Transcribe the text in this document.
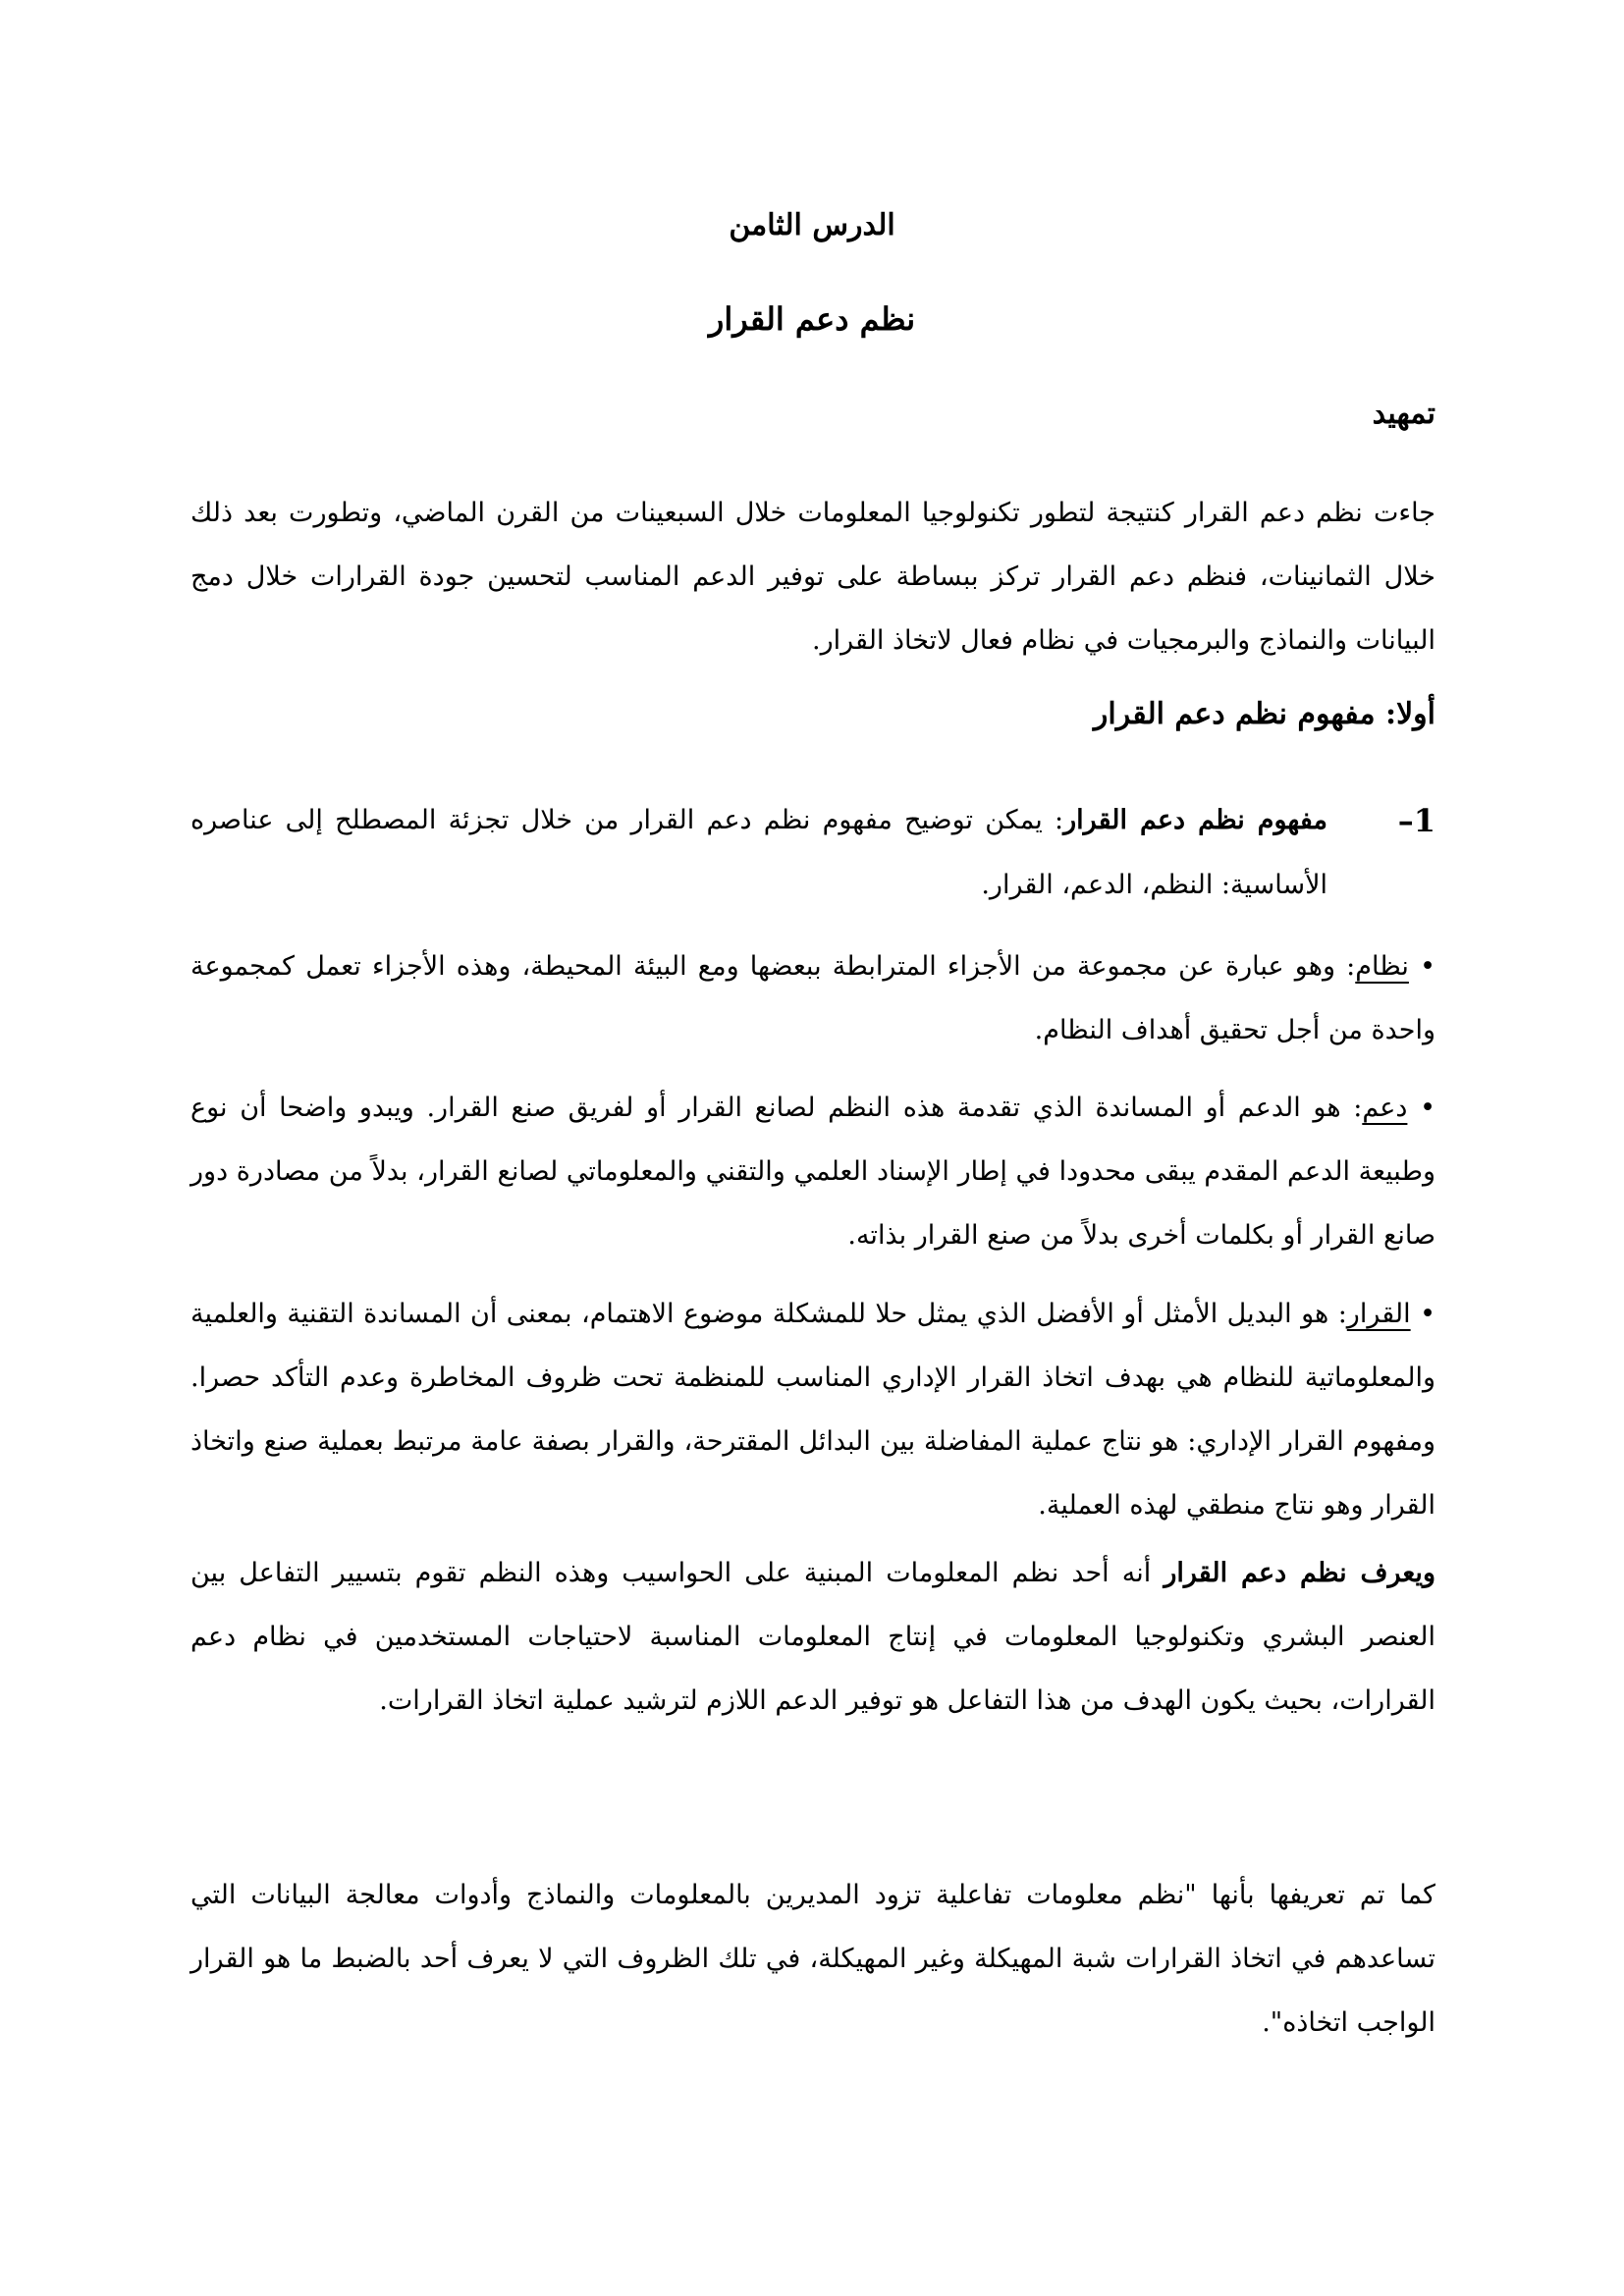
الدرس الثامن
نظم دعم القرار
تمهيد

جاءت نظم دعم القرار كنتيجة لتطور تكنولوجيا المعلومات خلال السبعينات من القرن الماضي، وتطورت بعد ذلك خلال الثمانينات، فنظم دعم القرار تركز ببساطة على توفير الدعم المناسب لتحسين جودة القرارات خلال دمج البيانات والنماذج والبرمجيات في نظام فعال لاتخاذ القرار.

أولا: مفهوم نظم دعم القرار
1–

مفهوم نظم دعم القرار: يمكن توضيح مفهوم نظم دعم القرار من خلال تجزئة المصطلح إلى عناصره الأساسية: النظم، الدعم، القرار.

• نظام: وهو عبارة عن مجموعة من الأجزاء المترابطة ببعضها ومع البيئة المحيطة، وهذه الأجزاء تعمل كمجموعة واحدة من أجل تحقيق أهداف النظام.

• دعم: هو الدعم أو المساندة الذي تقدمة هذه النظم لصانع القرار أو لفريق صنع القرار. ويبدو واضحا أن نوع وطبيعة الدعم المقدم يبقى محدودا في إطار الإسناد العلمي والتقني والمعلوماتي لصانع القرار، بدلاً من مصادرة دور صانع القرار أو بكلمات أخرى بدلاً من صنع القرار بذاته.

• القرار: هو البديل الأمثل أو الأفضل الذي يمثل حلا للمشكلة موضوع الاهتمام، بمعنى أن المساندة التقنية والعلمية والمعلوماتية للنظام هي بهدف اتخاذ القرار الإداري المناسب للمنظمة تحت ظروف المخاطرة وعدم التأكد حصرا. ومفهوم القرار الإداري: هو نتاج عملية المفاضلة بين البدائل المقترحة، والقرار بصفة عامة مرتبط بعملية صنع واتخاذ القرار وهو نتاج منطقي لهذه العملية.

ويعرف نظم دعم القرار أنه أحد نظم المعلومات المبنية على الحواسيب وهذه النظم تقوم بتسيير التفاعل بين العنصر البشري وتكنولوجيا المعلومات في إنتاج المعلومات المناسبة لاحتياجات المستخدمين في نظام دعم القرارات، بحيث يكون الهدف من هذا التفاعل هو توفير الدعم اللازم لترشيد عملية اتخاذ القرارات.

كما تم تعريفها بأنها "نظم معلومات تفاعلية تزود المديرين بالمعلومات والنماذج وأدوات معالجة البيانات التي تساعدهم في اتخاذ القرارات شبة المهيكلة وغير المهيكلة، في تلك الظروف التي لا يعرف أحد بالضبط ما هو القرار الواجب اتخاذه".
